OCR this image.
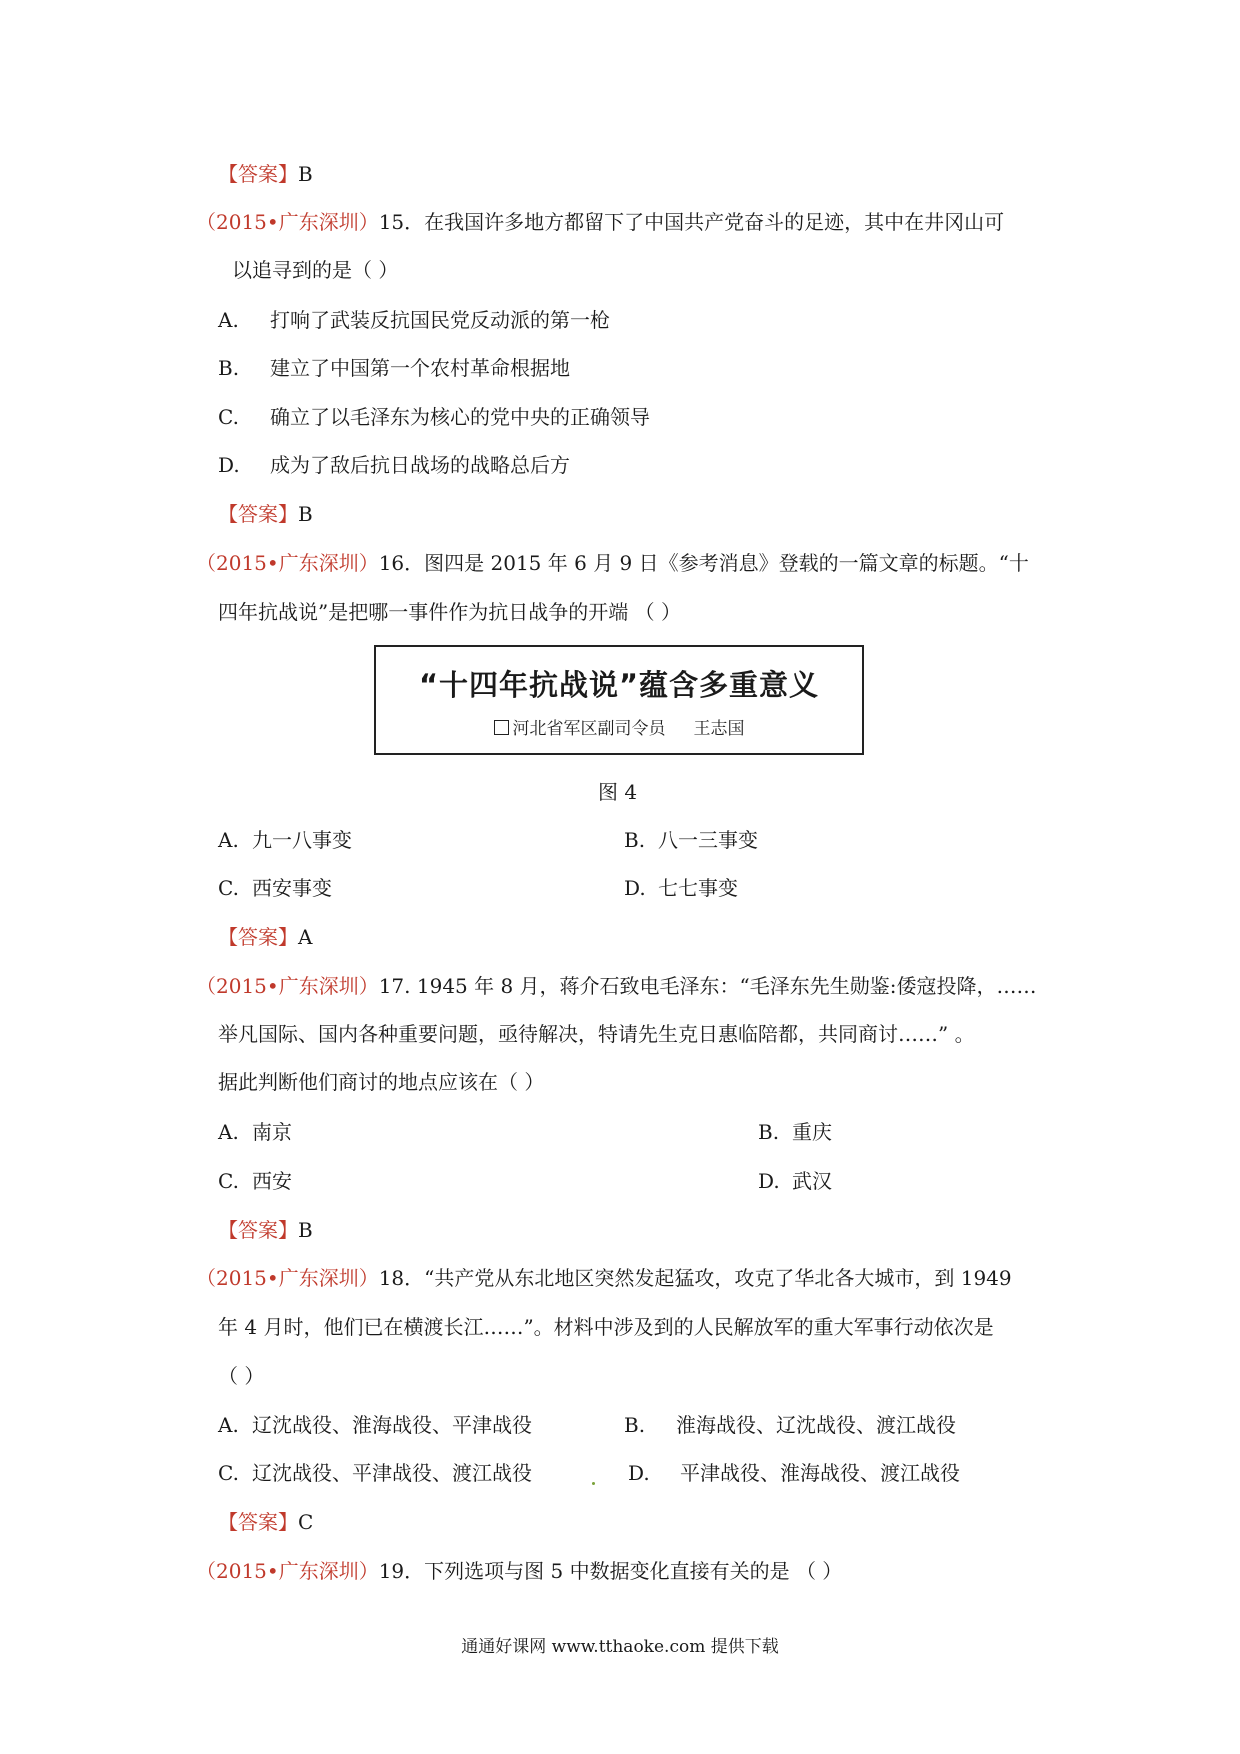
【答案】B
（2015•广东深圳）15．在我国许多地方都留下了中国共产党奋斗的足迹，其中在井冈山可
以追寻到的是（ ）
A. 打响了武装反抗国民党反动派的第一枪
B. 建立了中国第一个农村革命根据地
C. 确立了以毛泽东为核心的党中央的正确领导
D. 成为了敌后抗日战场的战略总后方
【答案】B
（2015•广东深圳）16．图四是 2015 年 6 月 9 日《参考消息》登载的一篇文章的标题。“十
四年抗战说”是把哪一事件作为抗日战争的开端 （ ）
“十四年抗战说”蕴含多重意义
河北省军区副司令员 王志国
图 4
A. 九一八事变	B. 八一三事变
C. 西安事变	D. 七七事变
【答案】A
（2015•广东深圳）17. 1945 年 8 月，蒋介石致电毛泽东：“毛泽东先生勋鉴:倭寇投降，……
举凡国际、国内各种重要问题，亟待解决，特请先生克日惠临陪都，共同商讨……” 。
据此判断他们商讨的地点应该在（ ）
A. 南京	B. 重庆
C. 西安	D. 武汉
【答案】B
（2015•广东深圳）18．“共产党从东北地区突然发起猛攻，攻克了华北各大城市，到 1949
年 4 月时，他们已在横渡长江……”。材料中涉及到的人民解放军的重大军事行动依次是
（ ）
A. 辽沈战役、淮海战役、平津战役	B. 淮海战役、辽沈战役、渡江战役
C. 辽沈战役、平津战役、渡江战役	D. 平津战役、淮海战役、渡江战役
【答案】C
（2015•广东深圳）19．下列选项与图 5 中数据变化直接有关的是 （ ）
通通好课网 www.tthaoke.com 提供下载
